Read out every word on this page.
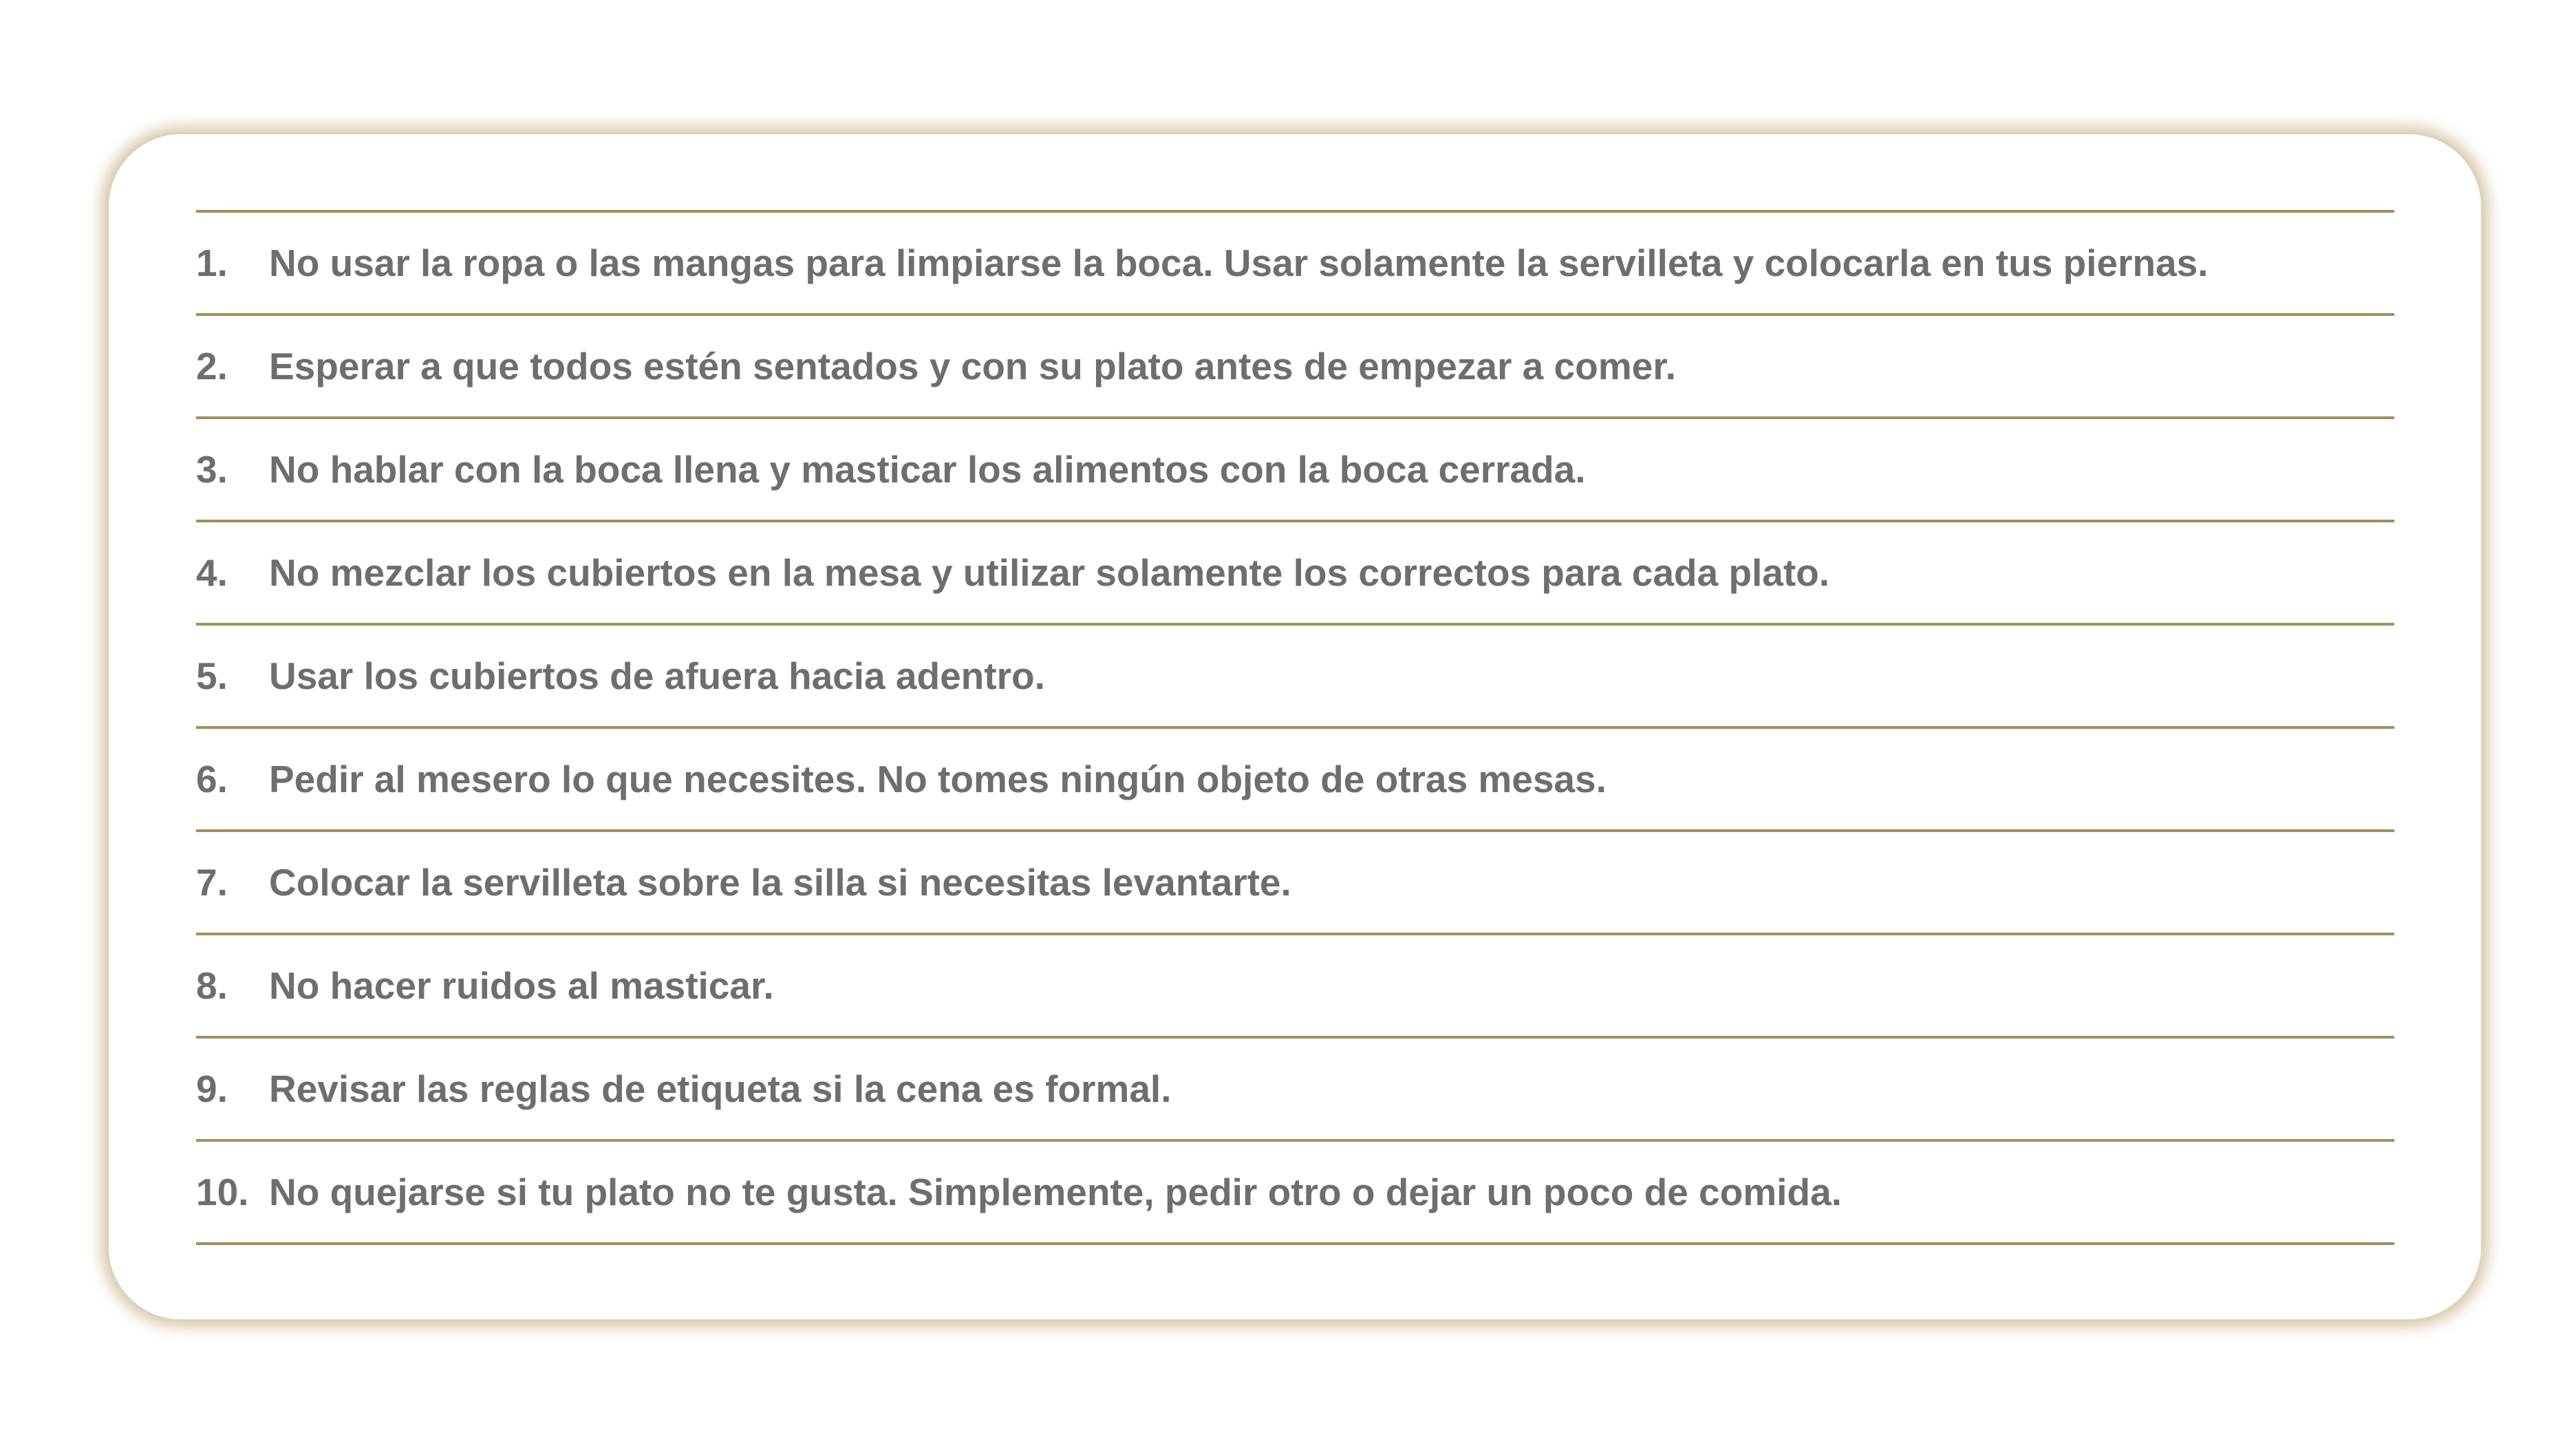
1.	No usar la ropa o las mangas para limpiarse la boca. Usar solamente la servilleta y colocarla en tus piernas.
2.	Esperar a que todos estén sentados y con su plato antes de empezar a comer.
3.	No hablar con la boca llena y masticar los alimentos con la boca cerrada.
4.	No mezclar los cubiertos en la mesa y utilizar solamente los correctos para cada plato.
5.	Usar los cubiertos de afuera hacia adentro.
6.	Pedir al mesero lo que necesites. No tomes ningún objeto de otras mesas.
7.	Colocar la servilleta sobre la silla si necesitas levantarte.
8.	No hacer ruidos al masticar.
9.	Revisar las reglas de etiqueta si la cena es formal.
10. No quejarse si tu plato no te gusta. Simplemente, pedir otro o dejar un poco de comida.
